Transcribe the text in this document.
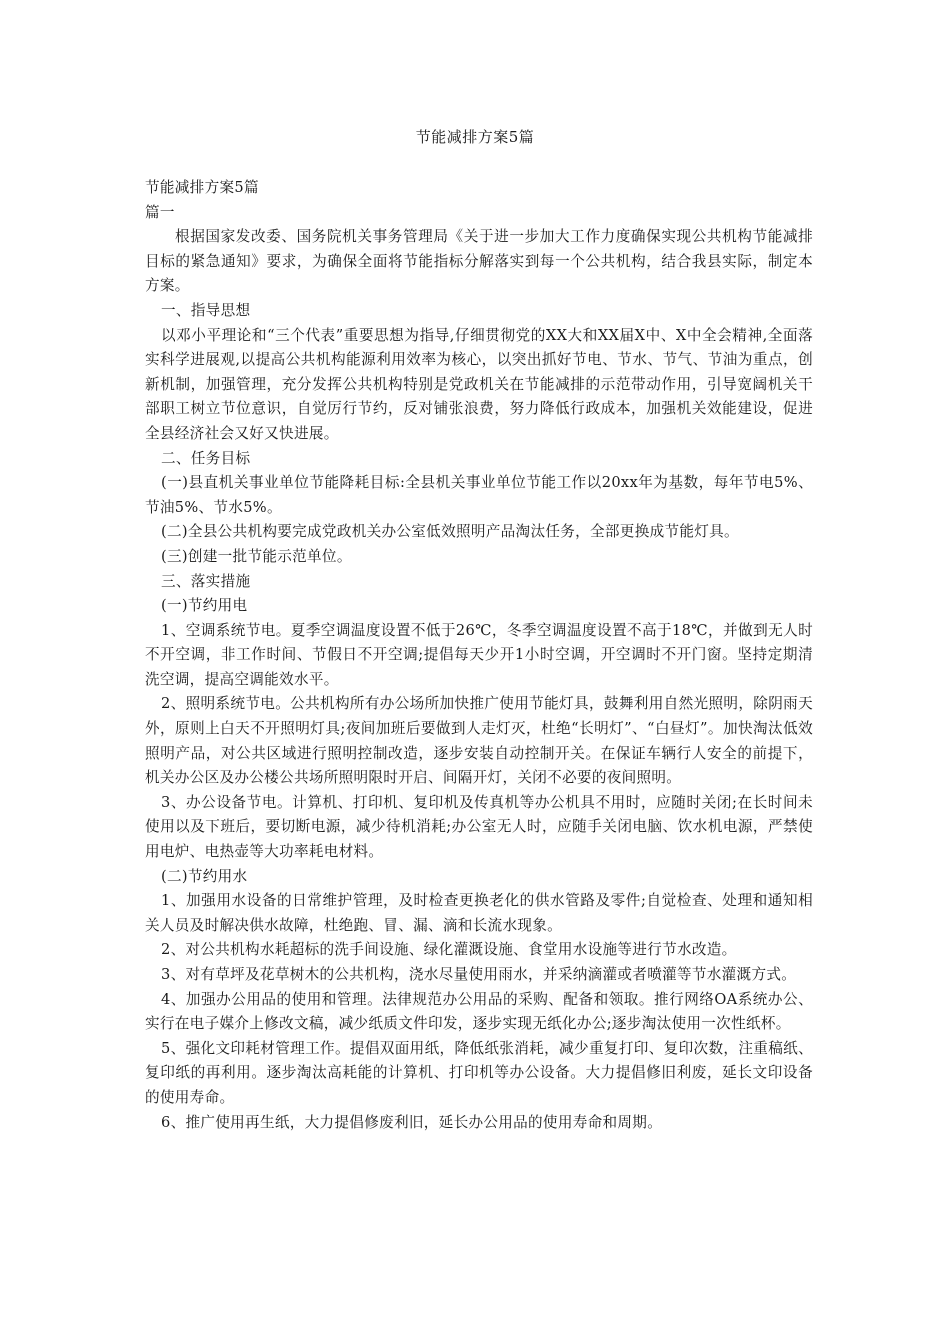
节能减排方案5篇

节能减排方案5篇

篇一

根据国家发改委、国务院机关事务管理局《关于进一步加大工作力度确保实现公共机构节能减排目标的紧急通知》要求，为确保全面将节能指标分解落实到每一个公共机构，结合我县实际，制定本方案。

一、指导思想

以邓小平理论和“三个代表”重要思想为指导,仔细贯彻党的XX大和XX届X中、X中全会精神,全面落实科学进展观,以提高公共机构能源利用效率为核心，以突出抓好节电、节水、节气、节油为重点，创新机制，加强管理，充分发挥公共机构特别是党政机关在节能减排的示范带动作用，引导宽阔机关干部职工树立节位意识，自觉厉行节约，反对铺张浪费，努力降低行政成本，加强机关效能建设，促进全县经济社会又好又快进展。

二、任务目标

(一)县直机关事业单位节能降耗目标:全县机关事业单位节能工作以20xx年为基数，每年节电5%、节油5%、节水5%。

(二)全县公共机构要完成党政机关办公室低效照明产品淘汰任务，全部更换成节能灯具。

(三)创建一批节能示范单位。

三、落实措施

(一)节约用电

1、空调系统节电。夏季空调温度设置不低于26℃，冬季空调温度设置不高于18℃，并做到无人时不开空调，非工作时间、节假日不开空调;提倡每天少开1小时空调，开空调时不开门窗。坚持定期清洗空调，提高空调能效水平。

2、照明系统节电。公共机构所有办公场所加快推广使用节能灯具，鼓舞利用自然光照明，除阴雨天外，原则上白天不开照明灯具;夜间加班后要做到人走灯灭，杜绝“长明灯”、“白昼灯”。加快淘汰低效照明产品，对公共区域进行照明控制改造，逐步安装自动控制开关。在保证车辆行人安全的前提下，机关办公区及办公楼公共场所照明限时开启、间隔开灯，关闭不必要的夜间照明。

3、办公设备节电。计算机、打印机、复印机及传真机等办公机具不用时，应随时关闭;在长时间未使用以及下班后，要切断电源，减少待机消耗;办公室无人时，应随手关闭电脑、饮水机电源，严禁使用电炉、电热壶等大功率耗电材料。

(二)节约用水

1、加强用水设备的日常维护管理，及时检查更换老化的供水管路及零件;自觉检查、处理和通知相关人员及时解决供水故障，杜绝跑、冒、漏、滴和长流水现象。

2、对公共机构水耗超标的洗手间设施、绿化灌溉设施、食堂用水设施等进行节水改造。

3、对有草坪及花草树木的公共机构，浇水尽量使用雨水，并采纳滴灌或者喷灌等节水灌溉方式。

4、加强办公用品的使用和管理。法律规范办公用品的采购、配备和领取。推行网络OA系统办公、实行在电子媒介上修改文稿，减少纸质文件印发，逐步实现无纸化办公;逐步淘汰使用一次性纸杯。

5、强化文印耗材管理工作。提倡双面用纸，降低纸张消耗，减少重复打印、复印次数，注重稿纸、复印纸的再利用。逐步淘汰高耗能的计算机、打印机等办公设备。大力提倡修旧利废，延长文印设备的使用寿命。

6、推广使用再生纸，大力提倡修废利旧，延长办公用品的使用寿命和周期。
